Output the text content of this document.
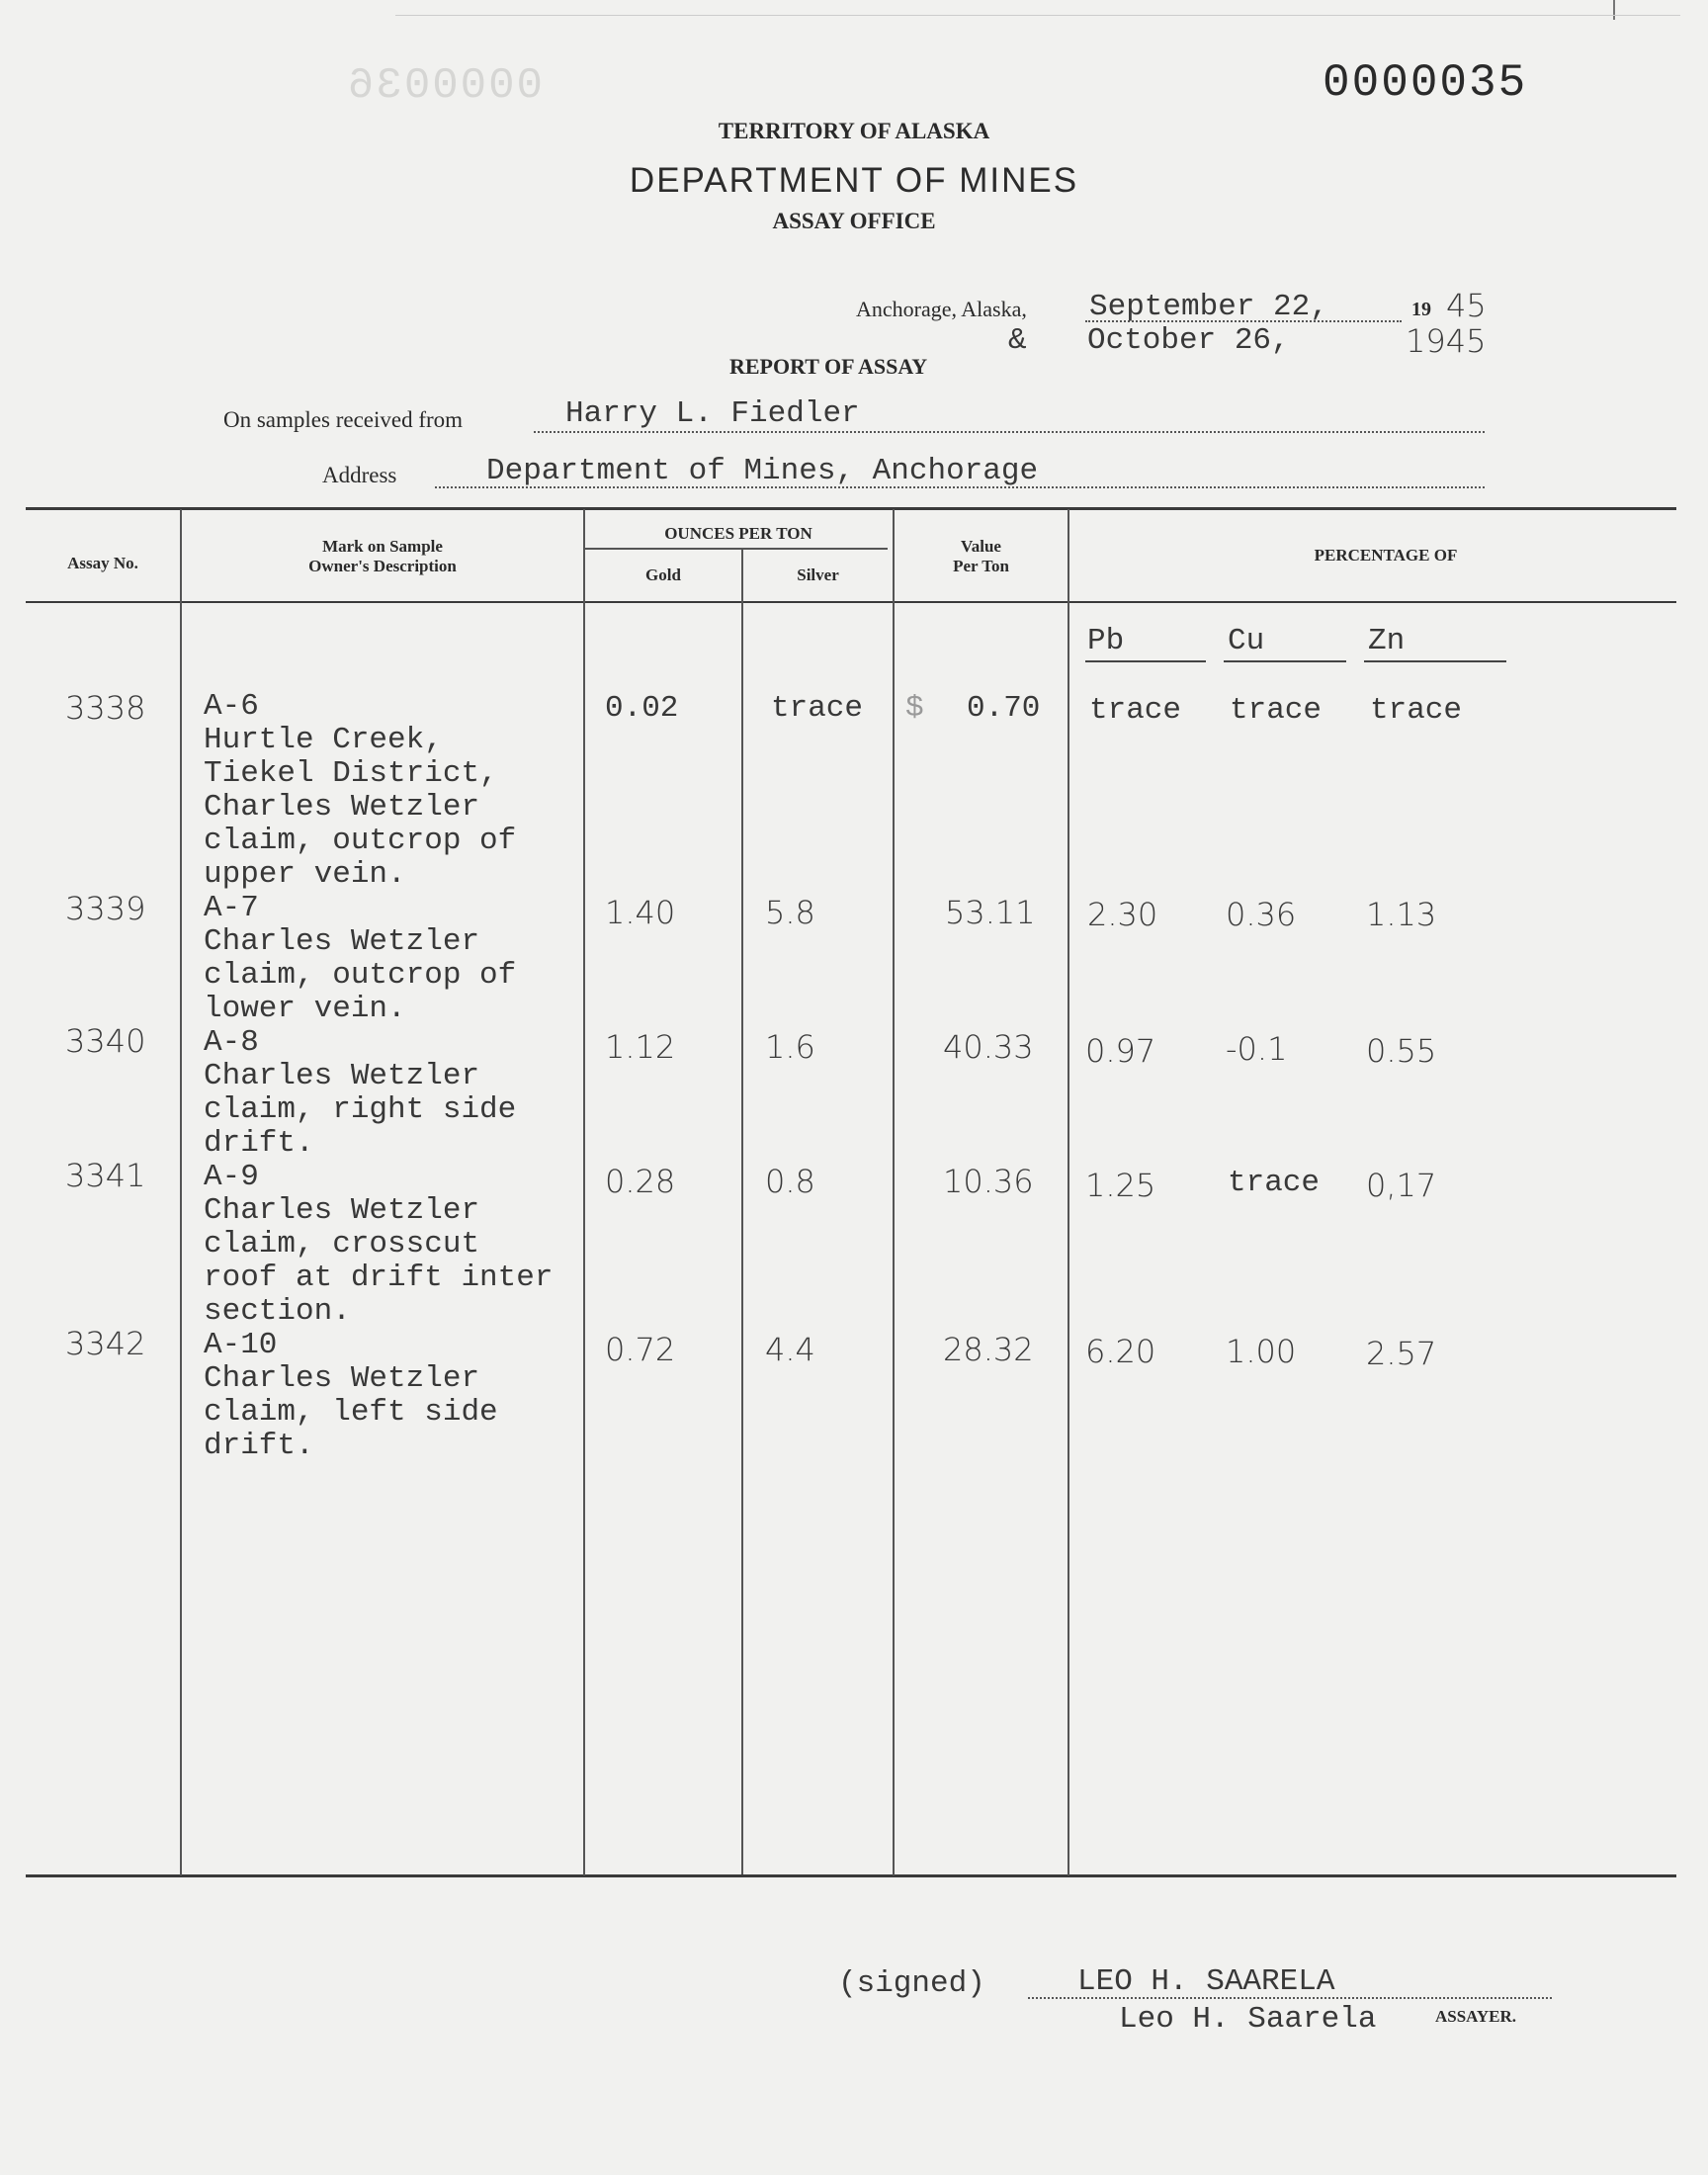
0000036	0000035
TERRITORY OF ALASKA
DEPARTMENT OF MINES
ASSAY OFFICE
Anchorage, Alaska, September 22,	19 45
& October 26,	1945
REPORT OF ASSAY
On samples received from	Harry L. Fiedler
Address	Department of Mines, Anchorage
Assay No.
Mark on Sample
Owner's Description
OUNCES PER TON
Gold	Silver
Value
Per Ton
PERCENTAGE OF
Pb	Cu	Zn
3338 A-6
Hurtle Creek,
Tiekel District,
Charles Wetzler
claim, outcrop of
upper vein.
0.02	trace $ 0.70 trace trace trace
3339 A-7
Charles Wetzler
claim, outcrop of
lower vein.
1.40	5.8	53.11 2.30 0.36 1.13
3340 A-8
Charles Wetzler
claim, right side
drift.
1.12	1.6	40.33 0.97 -0.1 0.55
3341 A-9
Charles Wetzler
claim, crosscut
roof at drift inter
section.
0.28	0.8	10.36 1.25 trace 0,17
3342 A-10
Charles Wetzler
claim, left side
drift.
0.72	4.4	28.32 6.20 1.00 2.57
(signed)	LEO H. SAARELA
Leo H. Saarela	ASSAYER.
